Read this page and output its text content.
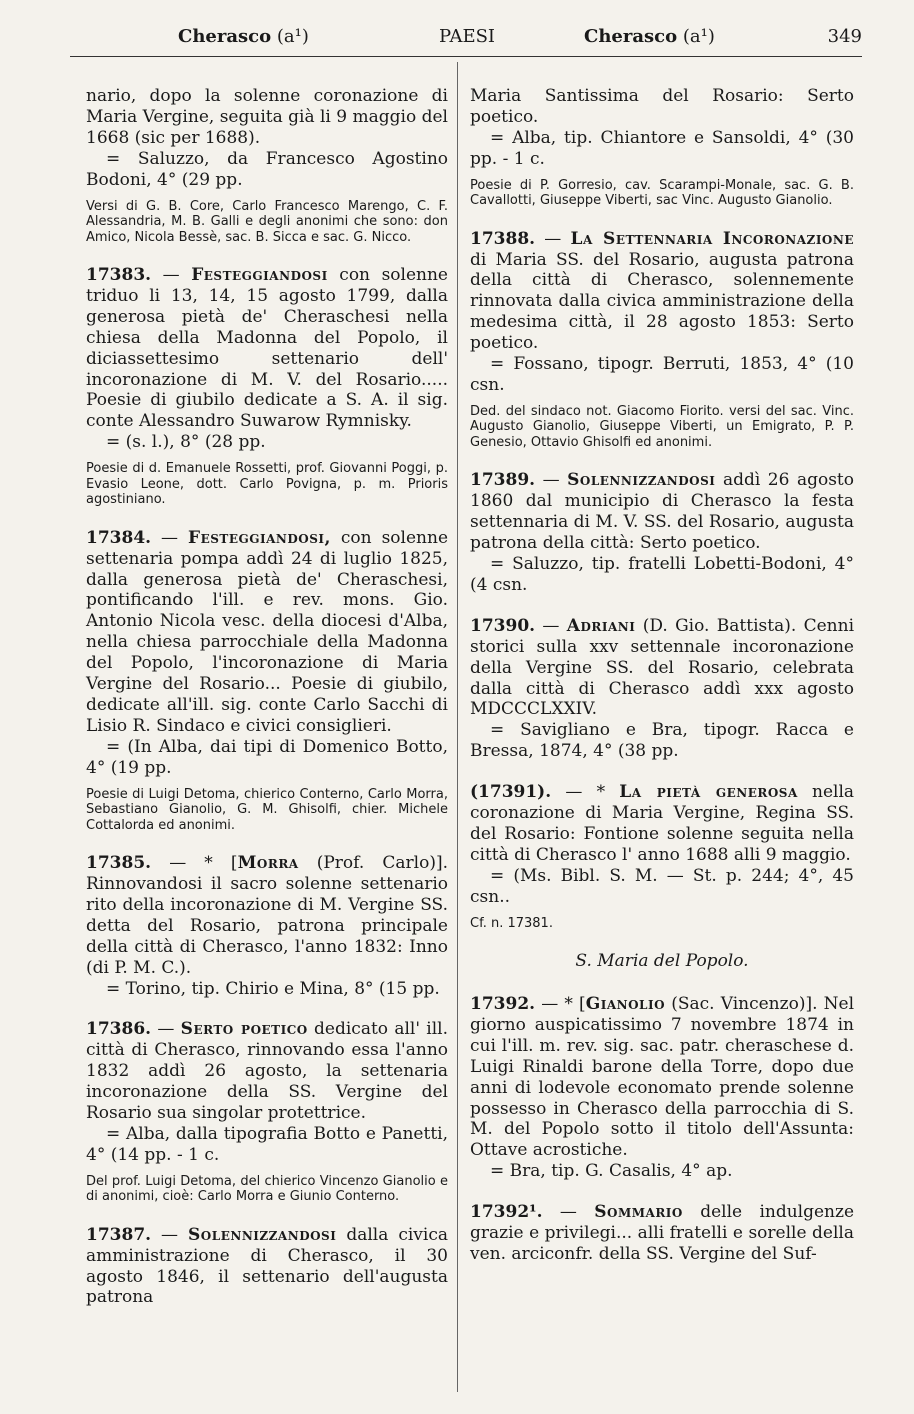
Cherasco (a¹)	PAESI	Cherasco (a¹)	349

nario, dopo la solenne coronazione di Maria Vergine, seguita già li 9 maggio del 1668 (sic per 1688).

= Saluzzo, da Francesco Agostino Bodoni, 4° (29 pp.

Versi di G. B. Core, Carlo Francesco Marengo, C. F. Alessandria, M. B. Galli e degli anonimi che sono: don Amico, Nicola Bessè, sac. B. Sicca e sac. G. Nicco.

17383. — Festeggiandosi con solenne triduo li 13, 14, 15 agosto 1799, dalla generosa pietà de' Cheraschesi nella chiesa della Madonna del Popolo, il diciassettesimo settenario dell' incoronazione di M. V. del Rosario..... Poesie di giubilo dedicate a S. A. il sig. conte Alessandro Suwarow Rymnisky.

= (s. l.), 8° (28 pp.

Poesie di d. Emanuele Rossetti, prof. Giovanni Poggi, p. Evasio Leone, dott. Carlo Povigna, p. m. Prioris agostiniano.

17384. — Festeggiandosi, con solenne settenaria pompa addì 24 di luglio 1825, dalla generosa pietà de' Cheraschesi, pontificando l'ill. e rev. mons. Gio. Antonio Nicola vesc. della diocesi d'Alba, nella chiesa parrocchiale della Madonna del Popolo, l'incoronazione di Maria Vergine del Rosario... Poesie di giubilo, dedicate all'ill. sig. conte Carlo Sacchi di Lisio R. Sindaco e civici consiglieri.

= (In Alba, dai tipi di Domenico Botto, 4° (19 pp.

Poesie di Luigi Detoma, chierico Conterno, Carlo Morra, Sebastiano Gianolio, G. M. Ghisolfi, chier. Michele Cottalorda ed anonimi.

17385. — * [Morra (Prof. Carlo)]. Rinnovandosi il sacro solenne settenario rito della incoronazione di M. Vergine SS. detta del Rosario, patrona principale della città di Cherasco, l'anno 1832: Inno (di P. M. C.).

= Torino, tip. Chirio e Mina, 8° (15 pp.

17386. — Serto poetico dedicato all' ill. città di Cherasco, rinnovando essa l'anno 1832 addì 26 agosto, la settenaria incoronazione della SS. Vergine del Rosario sua singolar protettrice.

= Alba, dalla tipografia Botto e Panetti, 4° (14 pp. - 1 c.

Del prof. Luigi Detoma, del chierico Vincenzo Gianolio e di anonimi, cioè: Carlo Morra e Giunio Conterno.

17387. — Solennizzandosi dalla civica amministrazione di Cherasco, il 30 agosto 1846, il settenario dell'augusta patrona

Maria Santissima del Rosario: Serto poetico.

= Alba, tip. Chiantore e Sansoldi, 4° (30 pp. - 1 c.

Poesie di P. Gorresio, cav. Scarampi-Monale, sac. G. B. Cavallotti, Giuseppe Viberti, sac Vinc. Augusto Gianolio.

17388. — La Settennaria Incoronazione di Maria SS. del Rosario, augusta patrona della città di Cherasco, solennemente rinnovata dalla civica amministrazione della medesima città, il 28 agosto 1853: Serto poetico.

= Fossano, tipogr. Berruti, 1853, 4° (10 csn.

Ded. del sindaco not. Giacomo Fiorito. versi del sac. Vinc. Augusto Gianolio, Giuseppe Viberti, un Emigrato, P. P. Genesio, Ottavio Ghisolfi ed anonimi.

17389. — Solennizzandosi addì 26 agosto 1860 dal municipio di Cherasco la festa settennaria di M. V. SS. del Rosario, augusta patrona della città: Serto poetico.

= Saluzzo, tip. fratelli Lobetti-Bodoni, 4° (4 csn.

17390. — Adriani (D. Gio. Battista). Cenni storici sulla xxv settennale incoronazione della Vergine SS. del Rosario, celebrata dalla città di Cherasco addì xxx agosto MDCCCLXXIV.

= Savigliano e Bra, tipogr. Racca e Bressa, 1874, 4° (38 pp.

(17391). — * La pietà generosa nella coronazione di Maria Vergine, Regina SS. del Rosario: Fontione solenne seguita nella città di Cherasco l' anno 1688 alli 9 maggio.

= (Ms. Bibl. S. M. — St. p. 244; 4°, 45 csn..

Cf. n. 17381.

S. Maria del Popolo.

17392. — * [Gianolio (Sac. Vincenzo)]. Nel giorno auspicatissimo 7 novembre 1874 in cui l'ill. m. rev. sig. sac. patr. cheraschese d. Luigi Rinaldi barone della Torre, dopo due anni di lodevole economato prende solenne possesso in Cherasco della parrocchia di S. M. del Popolo sotto il titolo dell'Assunta: Ottave acrostiche.

= Bra, tip. G. Casalis, 4° ap.

17392¹. — Sommario delle indulgenze grazie e privilegi... alli fratelli e sorelle della ven. arciconfr. della SS. Vergine del Suf-
